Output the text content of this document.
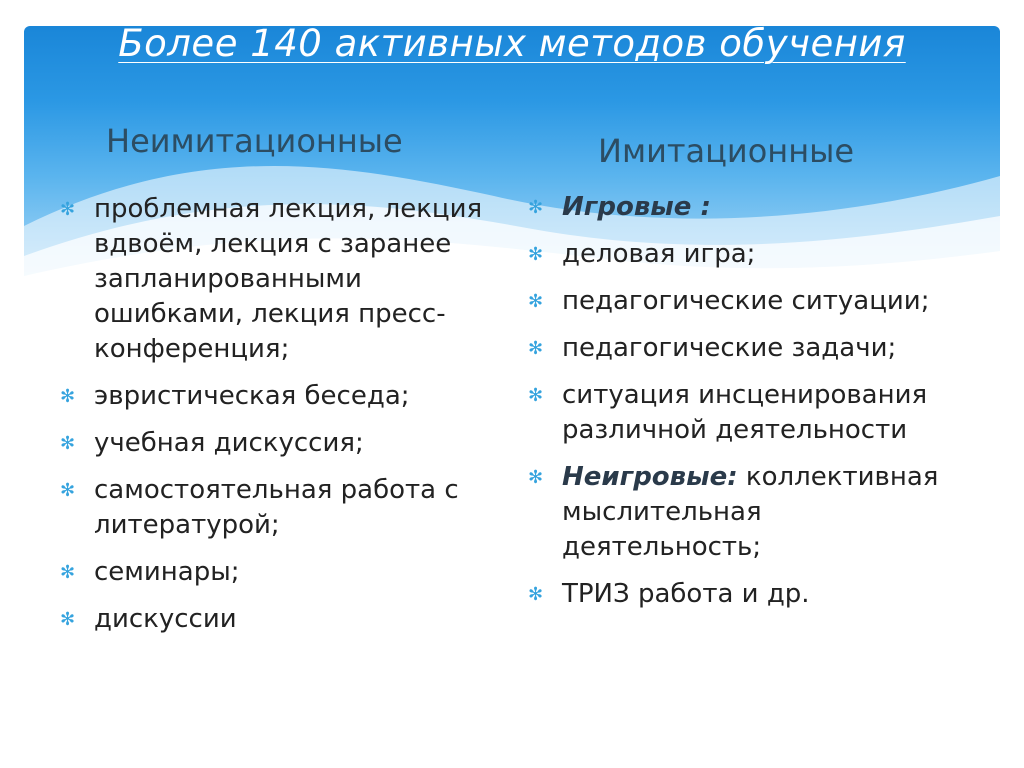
Более 140 активных методов обучения
Неимитационные	Имитационные
✻ проблемная лекция, лекция вдвоём, лекция с заранее запланированными ошибками, лекция пресс-конференция;
✻ эвристическая беседа;
✻ учебная дискуссия;
✻ самостоятельная работа с литературой;
✻ семинары;
✻ дискуссии
✻ Игровые :
✻ деловая игра;
✻ педагогические ситуации;
✻ педагогические задачи;
✻ ситуация инсценирования различной деятельности
✻ Неигровые: коллективная мыслительная деятельность;
✻ ТРИЗ работа и др.
